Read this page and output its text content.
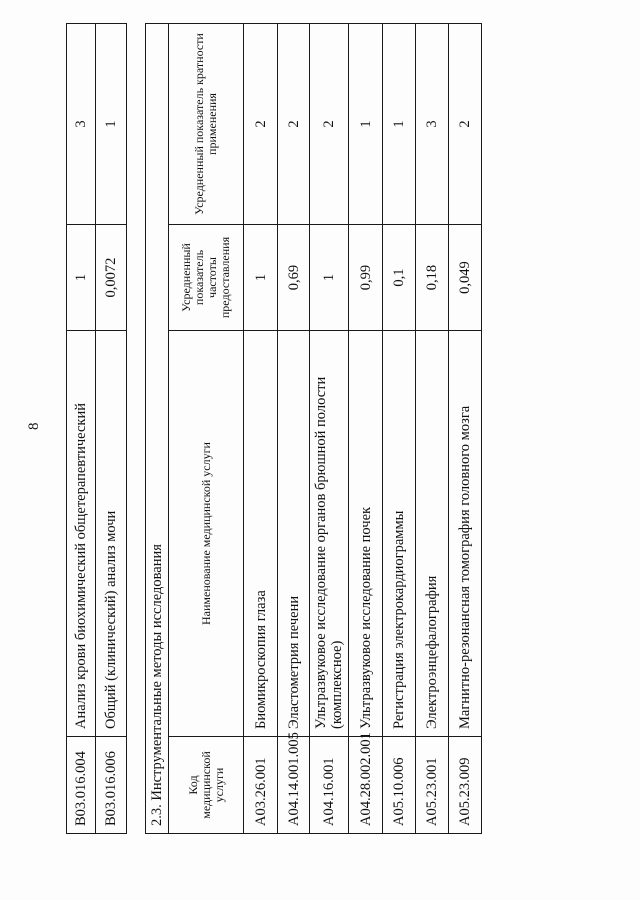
8
B03.016.004	Анализ крови биохимический общетерапевтический	1	3
B03.016.006	Общий (клинический) анализ мочи	0,0072	1
2.3. Инструментальные методы исследования			
Код медицинской услуги	Наименование медицинской услуги	Усредненный показатель частоты предоставления	Усредненный показатель кратности применения
A03.26.001	Биомикроскопия глаза	1	2
A04.14.001.005	Эластометрия печени	0,69	2
A04.16.001	Ультразвуковое исследование органов брюшной полости (комплексное)	1	2
A04.28.002.001	Ультразвуковое исследование почек	0,99	1
A05.10.006	Регистрация электрокардиограммы	0,1	1
A05.23.001	Электроэнцефалография	0,18	3
A05.23.009	Магнитно-резонансная томография головного мозга	0,049	2
